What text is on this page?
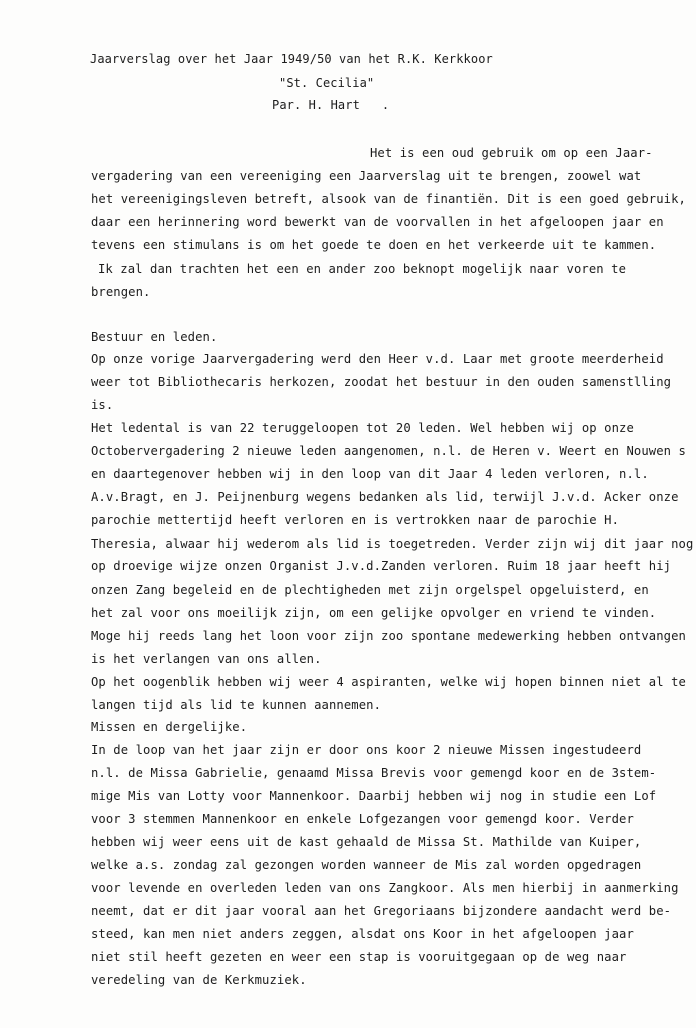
Jaarverslag over het Jaar 1949/50 van het R.K. Kerkkoor
"St. Cecilia"
Par. H. Hart   .
Het is een oud gebruik om op een Jaar-
vergadering van een vereeniging een Jaarverslag uit te brengen, zoowel wat
het vereenigingsleven betreft, alsook van de finantiën. Dit is een goed gebruik,
daar een herinnering word bewerkt van de voorvallen in het afgeloopen jaar en
tevens een stimulans is om het goede te doen en het verkeerde uit te kammen.
Ik zal dan trachten het een en ander zoo beknopt mogelijk naar voren te
brengen.
Bestuur en leden.
Op onze vorige Jaarvergadering werd den Heer v.d. Laar met groote meerderheid
weer tot Bibliothecaris herkozen, zoodat het bestuur in den ouden samenstlling
is.
Het ledental is van 22 teruggeloopen tot 20 leden. Wel hebben wij op onze
Octobervergadering 2 nieuwe leden aangenomen, n.l. de Heren v. Weert en Nouwen s
en daartegenover hebben wij in den loop van dit Jaar 4 leden verloren, n.l.
A.v.Bragt, en J. Peijnenburg wegens bedanken als lid, terwijl J.v.d. Acker onze
parochie mettertijd heeft verloren en is vertrokken naar de parochie H.
Theresia, alwaar hij wederom als lid is toegetreden. Verder zijn wij dit jaar nog
op droevige wijze onzen Organist J.v.d.Zanden verloren. Ruim 18 jaar heeft hij
onzen Zang begeleid en de plechtigheden met zijn orgelspel opgeluisterd, en
het zal voor ons moeilijk zijn, om een gelijke opvolger en vriend te vinden.
Moge hij reeds lang het loon voor zijn zoo spontane medewerking hebben ontvangen
is het verlangen van ons allen.
Op het oogenblik hebben wij weer 4 aspiranten, welke wij hopen binnen niet al te
langen tijd als lid te kunnen aannemen.
Missen en dergelijke.
In de loop van het jaar zijn er door ons koor 2 nieuwe Missen ingestudeerd
n.l. de Missa Gabrielie, genaamd Missa Brevis voor gemengd koor en de 3stem-
mige Mis van Lotty voor Mannenkoor. Daarbij hebben wij nog in studie een Lof
voor 3 stemmen Mannenkoor en enkele Lofgezangen voor gemengd koor. Verder
hebben wij weer eens uit de kast gehaald de Missa St. Mathilde van Kuiper,
welke a.s. zondag zal gezongen worden wanneer de Mis zal worden opgedragen
voor levende en overleden leden van ons Zangkoor. Als men hierbij in aanmerking
neemt, dat er dit jaar vooral aan het Gregoriaans bijzondere aandacht werd be-
steed, kan men niet anders zeggen, alsdat ons Koor in het afgeloopen jaar
niet stil heeft gezeten en weer een stap is vooruitgegaan op de weg naar
veredeling van de Kerkmuziek.
